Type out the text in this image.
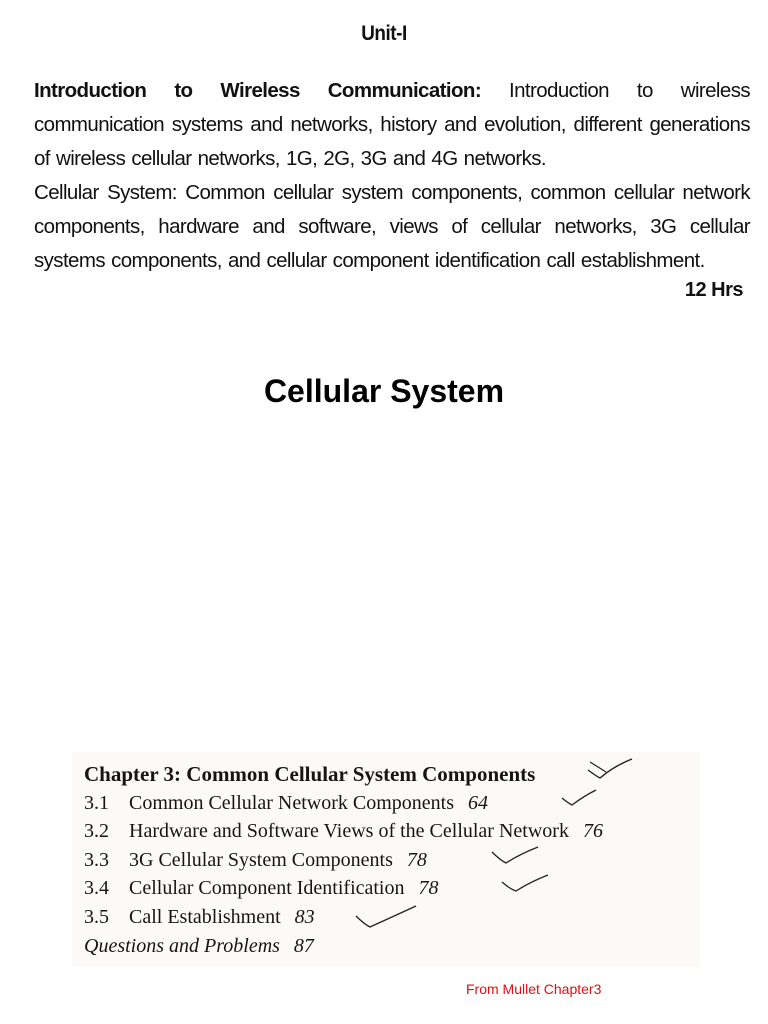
Unit-I

Introduction to Wireless Communication: Introduction to wireless communication systems and networks, history and evolution, different generations of wireless cellular networks, 1G, 2G, 3G and 4G networks.

Cellular System: Common cellular system components, common cellular network components, hardware and software, views of cellular networks, 3G cellular systems components, and cellular component identification call establishment.

12 Hrs
Cellular System
Chapter 3: Common Cellular System Components
3.1 Common Cellular Network Components 64
3.2 Hardware and Software Views of the Cellular Network 76
3.3 3G Cellular System Components 78
3.4 Cellular Component Identification 78
3.5 Call Establishment 83
Questions and Problems 87
From Mullet Chapter3
